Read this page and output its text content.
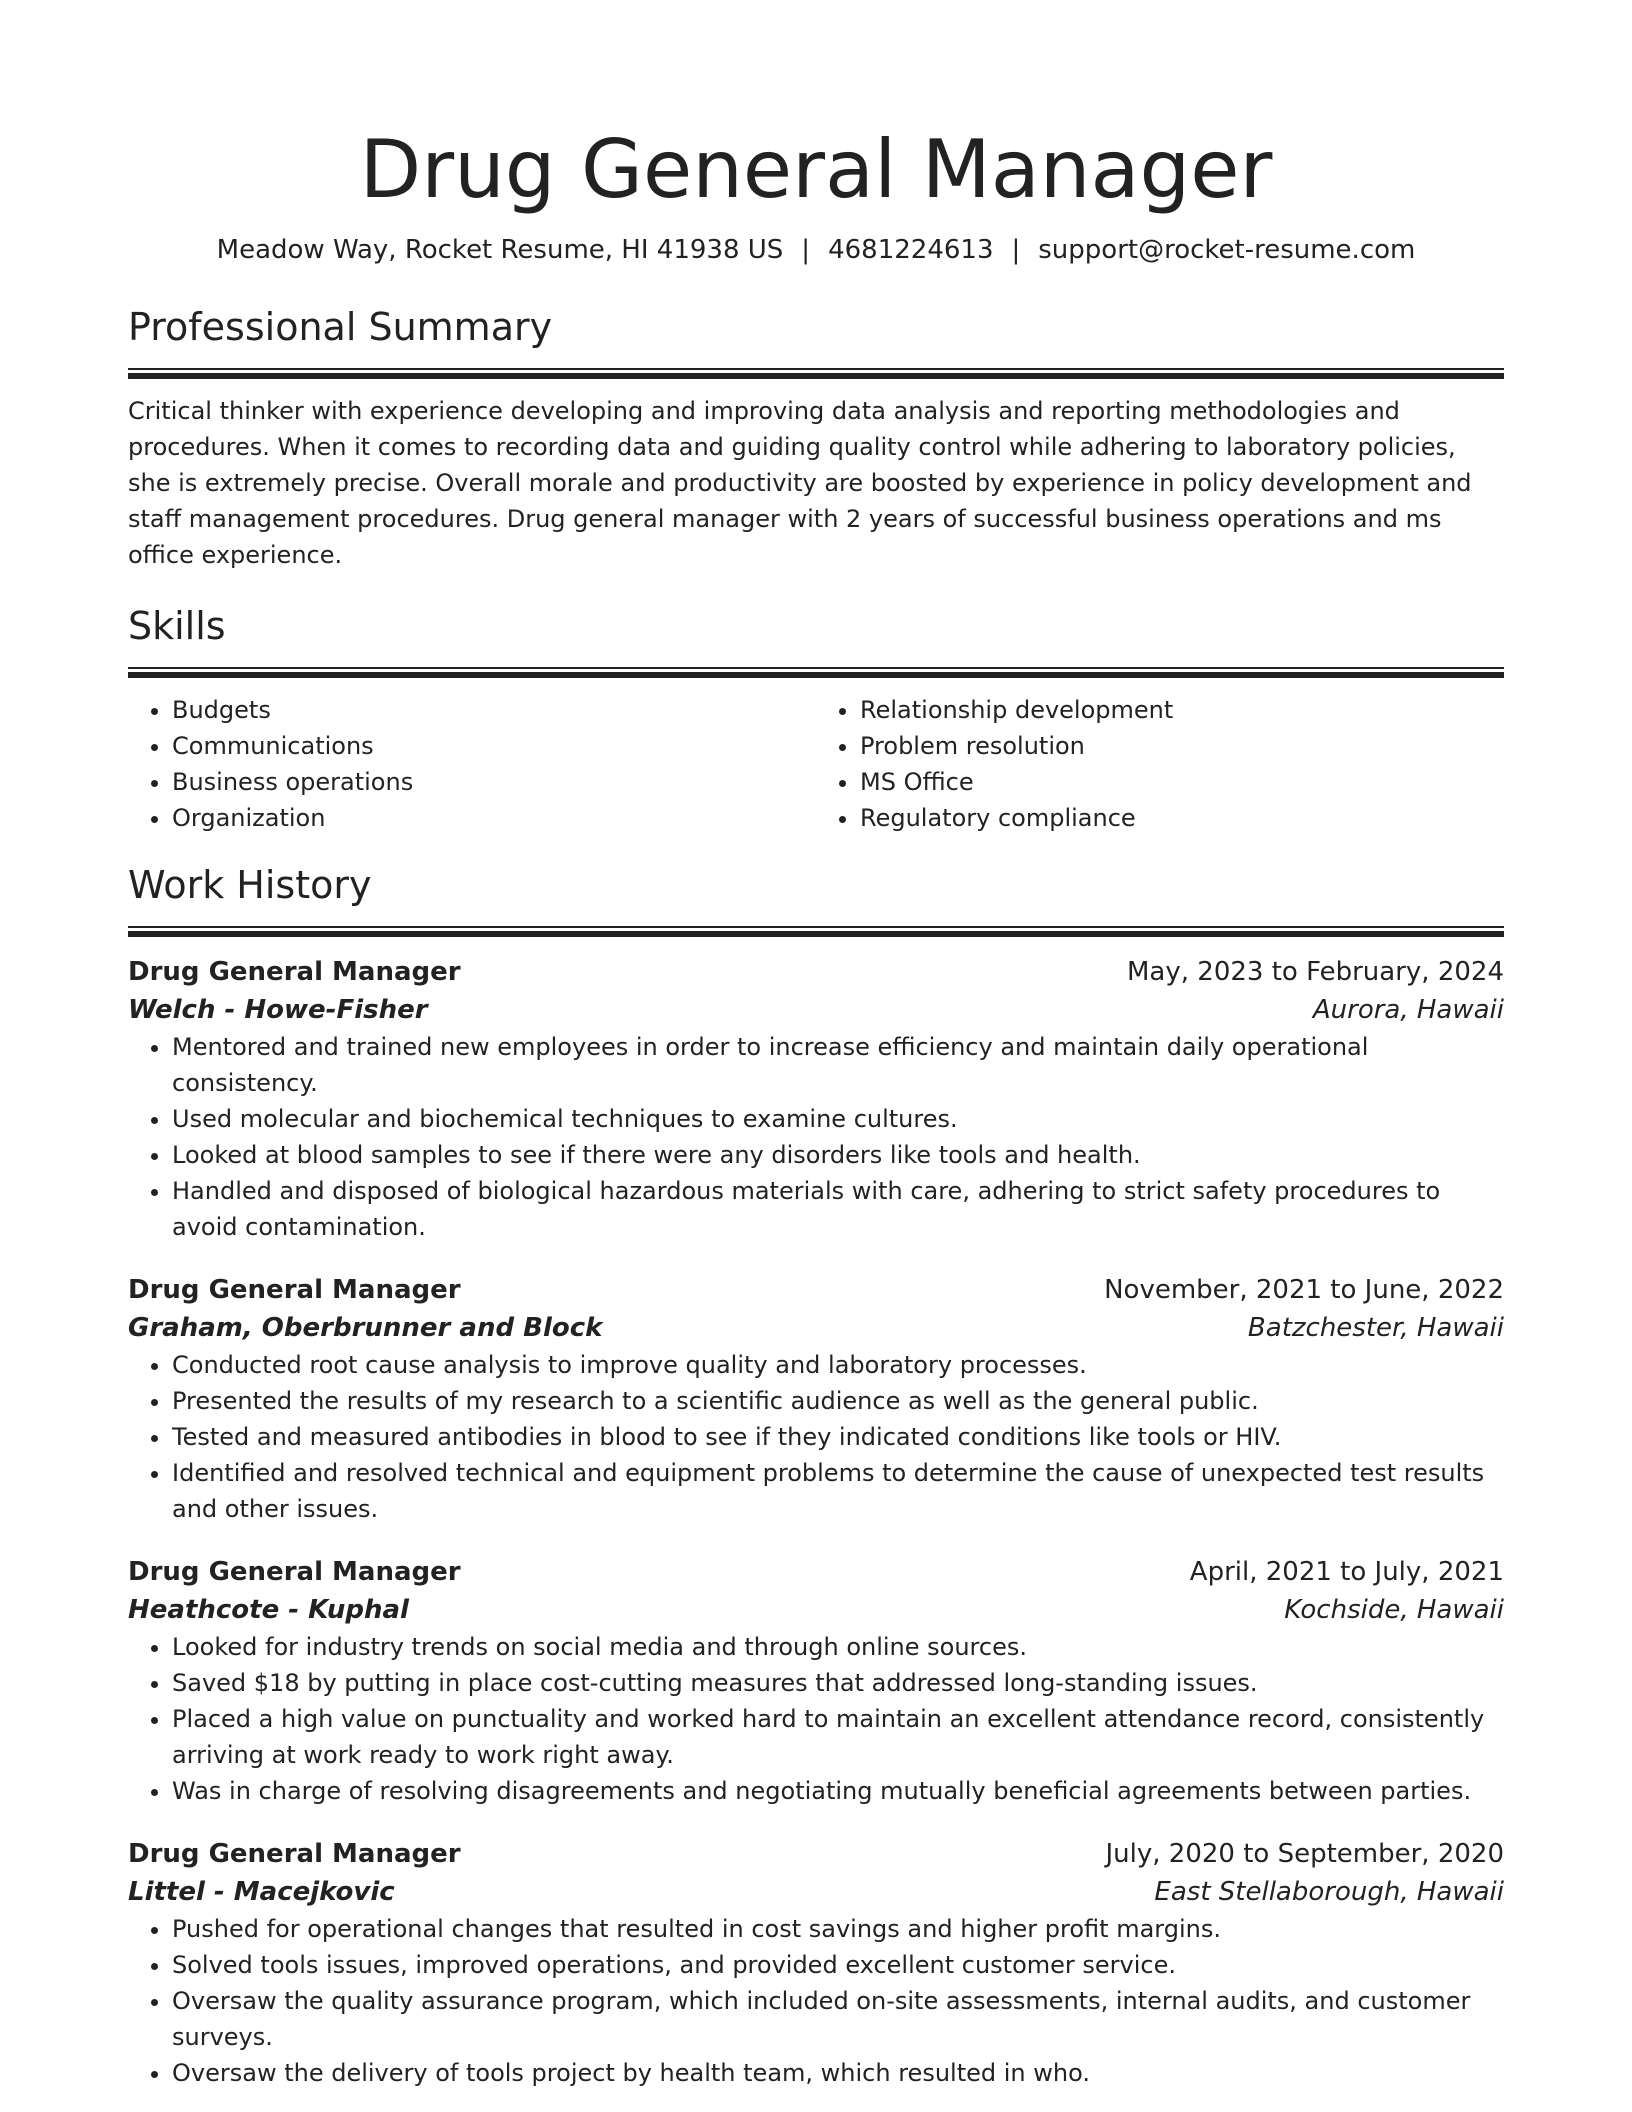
Drug General Manager
Meadow Way, Rocket Resume, HI 41938 US | 4681224613 | support@rocket-resume.com
Professional Summary

Critical thinker with experience developing and improving data analysis and reporting methodologies and procedures. When it comes to recording data and guiding quality control while adhering to laboratory policies, she is extremely precise. Overall morale and productivity are boosted by experience in policy development and staff management procedures. Drug general manager with 2 years of successful business operations and ms office experience.

Skills
• Budgets
• Communications
• Business operations
• Organization
• Relationship development
• Problem resolution
• MS Office
• Regulatory compliance
Work History
Drug General Manager	May, 2023 to February, 2024
Welch - Howe-Fisher	Aurora, Hawaii
• Mentored and trained new employees in order to increase efficiency and maintain daily operational consistency.
• Used molecular and biochemical techniques to examine cultures.
• Looked at blood samples to see if there were any disorders like tools and health.
• Handled and disposed of biological hazardous materials with care, adhering to strict safety procedures to avoid contamination.
Drug General Manager	November, 2021 to June, 2022
Graham, Oberbrunner and Block	Batzchester, Hawaii
• Conducted root cause analysis to improve quality and laboratory processes.
• Presented the results of my research to a scientific audience as well as the general public.
• Tested and measured antibodies in blood to see if they indicated conditions like tools or HIV.
• Identified and resolved technical and equipment problems to determine the cause of unexpected test results and other issues.
Drug General Manager	April, 2021 to July, 2021
Heathcote - Kuphal	Kochside, Hawaii
• Looked for industry trends on social media and through online sources.
• Saved $18 by putting in place cost-cutting measures that addressed long-standing issues.
• Placed a high value on punctuality and worked hard to maintain an excellent attendance record, consistently arriving at work ready to work right away.
• Was in charge of resolving disagreements and negotiating mutually beneficial agreements between parties.
Drug General Manager	July, 2020 to September, 2020
Littel - Macejkovic	East Stellaborough, Hawaii
• Pushed for operational changes that resulted in cost savings and higher profit margins.
• Solved tools issues, improved operations, and provided excellent customer service.
• Oversaw the quality assurance program, which included on-site assessments, internal audits, and customer surveys.
• Oversaw the delivery of tools project by health team, which resulted in who.
